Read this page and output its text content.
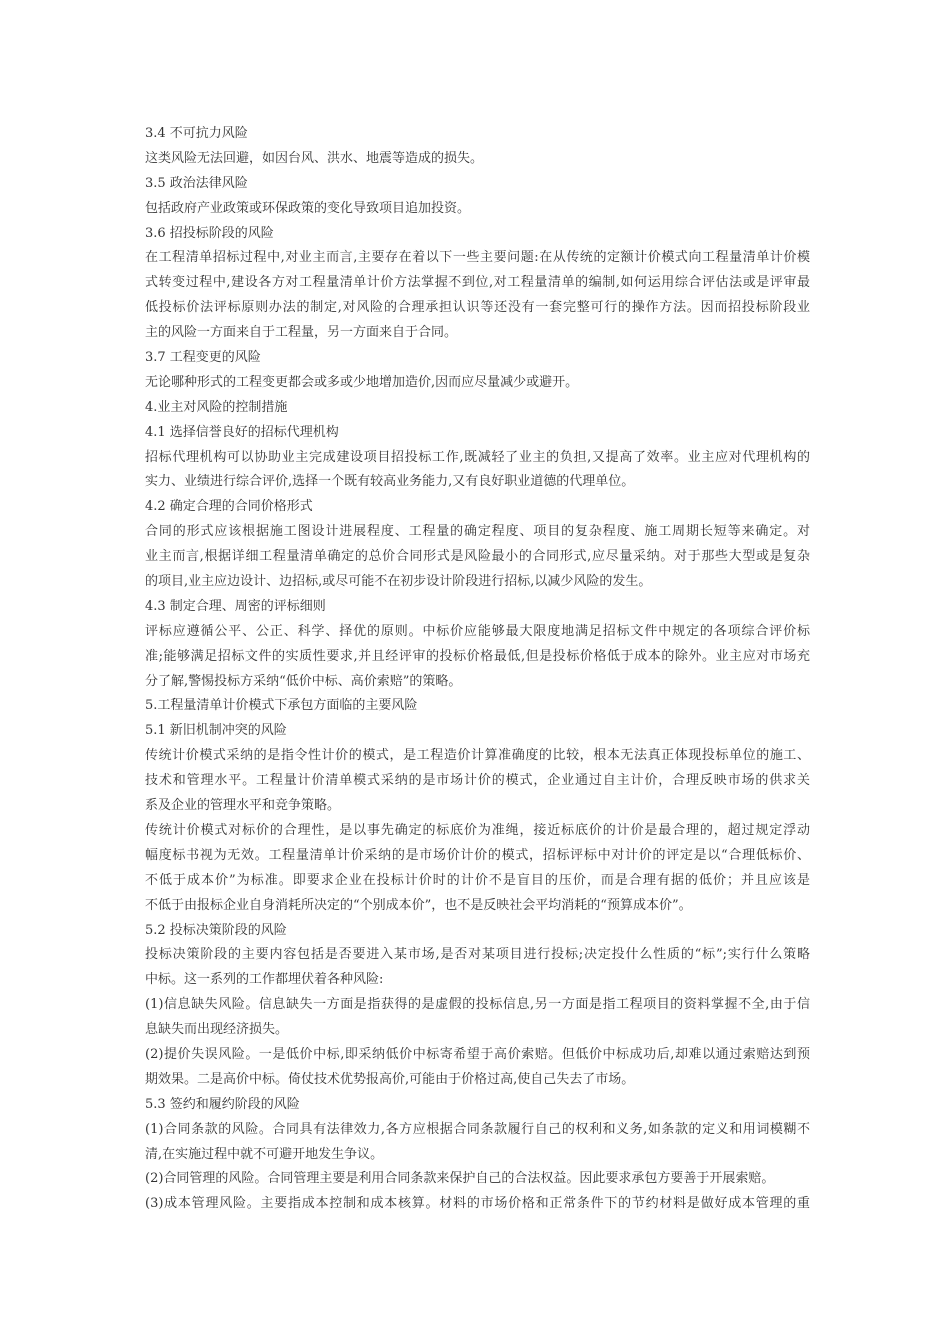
3.4 不可抗力风险
这类风险无法回避，如因台风、洪水、地震等造成的损失。
3.5 政治法律风险
包括政府产业政策或环保政策的变化导致项目追加投资。
3.6 招投标阶段的风险
在工程清单招标过程中,对业主而言,主要存在着以下一些主要问题:在从传统的定额计价模式向工程量清单计价模
式转变过程中,建设各方对工程量清单计价方法掌握不到位,对工程量清单的编制,如何运用综合评估法或是评审最
低投标价法评标原则办法的制定,对风险的合理承担认识等还没有一套完整可行的操作方法。因而招投标阶段业
主的风险一方面来自于工程量，另一方面来自于合同。
3.7 工程变更的风险
无论哪种形式的工程变更都会或多或少地增加造价,因而应尽量减少或避开。
4.业主对风险的控制措施
4.1 选择信誉良好的招标代理机构
招标代理机构可以协助业主完成建设项目招投标工作,既减轻了业主的负担,又提高了效率。业主应对代理机构的
实力、业绩进行综合评价,选择一个既有较高业务能力,又有良好职业道德的代理单位。
4.2 确定合理的合同价格形式
合同的形式应该根据施工图设计进展程度、工程量的确定程度、项目的复杂程度、施工周期长短等来确定。对
业主而言,根据详细工程量清单确定的总价合同形式是风险最小的合同形式,应尽量采纳。对于那些大型或是复杂
的项目,业主应边设计、边招标,或尽可能不在初步设计阶段进行招标,以减少风险的发生。
4.3 制定合理、周密的评标细则
评标应遵循公平、公正、科学、择优的原则。中标价应能够最大限度地满足招标文件中规定的各项综合评价标
准;能够满足招标文件的实质性要求,并且经评审的投标价格最低,但是投标价格低于成本的除外。业主应对市场充
分了解,警惕投标方采纳“低价中标、高价索赔”的策略。
5.工程量清单计价模式下承包方面临的主要风险
5.1 新旧机制冲突的风险
传统计价模式采纳的是指令性计价的模式，是工程造价计算准确度的比较，根本无法真正体现投标单位的施工、
技术和管理水平。工程量计价清单模式采纳的是市场计价的模式，企业通过自主计价，合理反映市场的供求关
系及企业的管理水平和竞争策略。
传统计价模式对标价的合理性，是以事先确定的标底价为准绳，接近标底价的计价是最合理的，超过规定浮动
幅度标书视为无效。工程量清单计价采纳的是市场价计价的模式，招标评标中对计价的评定是以“合理低标价、
不低于成本价”为标准。即要求企业在投标计价时的计价不是盲目的压价，而是合理有据的低价；并且应该是
不低于由报标企业自身消耗所决定的“个别成本价”，也不是反映社会平均消耗的“预算成本价”。
5.2 投标决策阶段的风险
投标决策阶段的主要内容包括是否要进入某市场,是否对某项目进行投标;决定投什么性质的“标”;实行什么策略
中标。这一系列的工作都埋伏着各种风险:
(1)信息缺失风险。信息缺失一方面是指获得的是虚假的投标信息,另一方面是指工程项目的资料掌握不全,由于信
息缺失而出现经济损失。
(2)提价失误风险。一是低价中标,即采纳低价中标寄希望于高价索赔。但低价中标成功后,却难以通过索赔达到预
期效果。二是高价中标。倚仗技术优势报高价,可能由于价格过高,使自己失去了市场。
5.3 签约和履约阶段的风险
(1)合同条款的风险。合同具有法律效力,各方应根据合同条款履行自己的权利和义务,如条款的定义和用词模糊不
清,在实施过程中就不可避开地发生争议。
(2)合同管理的风险。合同管理主要是利用合同条款来保护自己的合法权益。因此要求承包方要善于开展索赔。
(3)成本管理风险。主要指成本控制和成本核算。材料的市场价格和正常条件下的节约材料是做好成本管理的重
